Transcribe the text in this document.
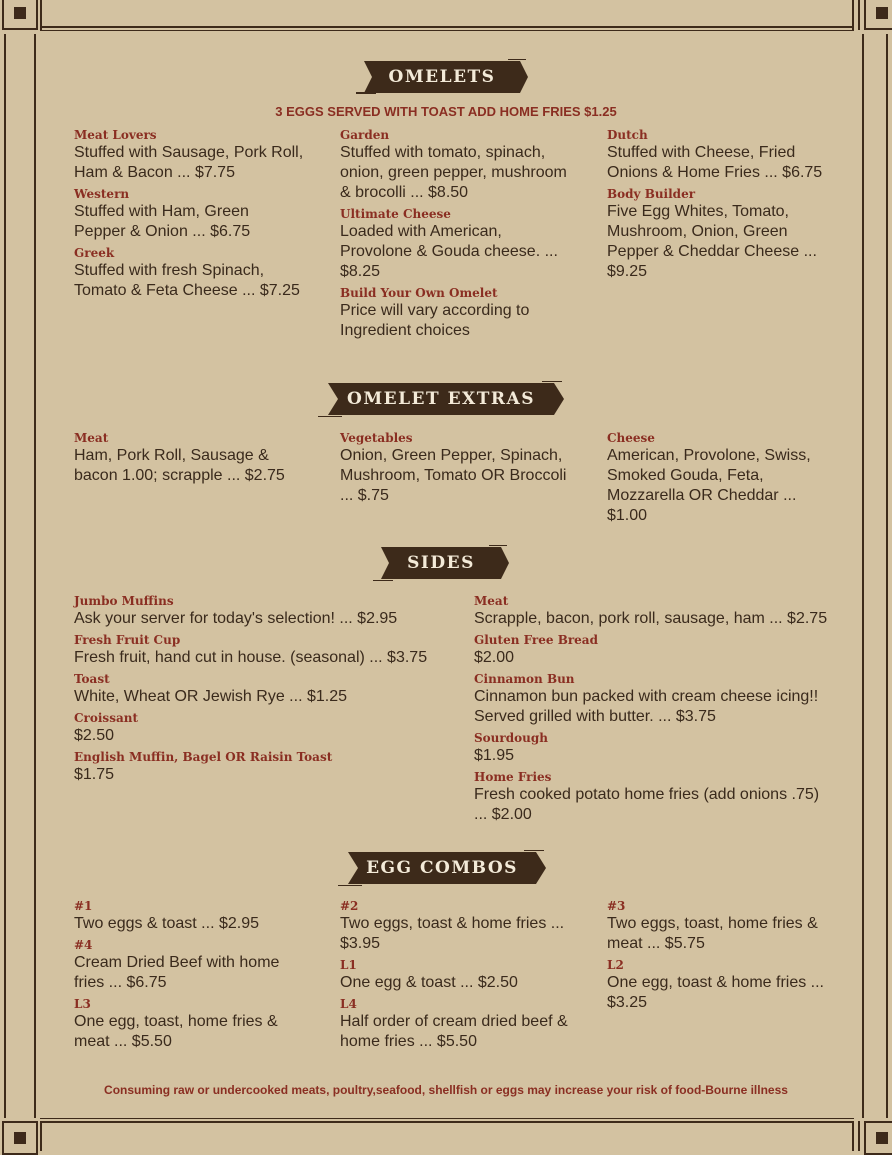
OMELETS
3 EGGS SERVED WITH TOAST ADD HOME FRIES $1.25
Meat Lovers
Stuffed with Sausage, Pork Roll, Ham & Bacon ... $7.75
Western
Stuffed with Ham, Green Pepper & Onion ... $6.75
Greek
Stuffed with fresh Spinach, Tomato & Feta Cheese ... $7.25
Garden
Stuffed with tomato, spinach, onion, green pepper, mushroom & brocolli ... $8.50
Ultimate Cheese
Loaded with American, Provolone & Gouda cheese. ... $8.25
Build Your Own Omelet
Price will vary according to Ingredient choices
Dutch
Stuffed with Cheese, Fried Onions & Home Fries ... $6.75
Body Builder
Five Egg Whites, Tomato, Mushroom, Onion, Green Pepper & Cheddar Cheese ... $9.25
OMELET EXTRAS
Meat
Ham, Pork Roll, Sausage & bacon 1.00; scrapple ... $2.75
Vegetables
Onion, Green Pepper, Spinach, Mushroom, Tomato OR Broccoli ... $.75
Cheese
American, Provolone, Swiss, Smoked Gouda, Feta, Mozzarella OR Cheddar ... $1.00
SIDES
Jumbo Muffins
Ask your server for today's selection! ... $2.95
Fresh Fruit Cup
Fresh fruit, hand cut in house. (seasonal) ... $3.75
Toast
White, Wheat OR Jewish Rye ... $1.25
Croissant
$2.50
English Muffin, Bagel OR Raisin Toast
$1.75
Meat
Scrapple, bacon, pork roll, sausage, ham ... $2.75
Gluten Free Bread
$2.00
Cinnamon Bun
Cinnamon bun packed with cream cheese icing!! Served grilled with butter. ... $3.75
Sourdough
$1.95
Home Fries
Fresh cooked potato home fries (add onions .75) ... $2.00
EGG COMBOS
#1
Two eggs & toast ... $2.95
#4
Cream Dried Beef with home fries ... $6.75
L3
One egg, toast, home fries & meat ... $5.50
#2
Two eggs, toast & home fries ... $3.95
L1
One egg & toast ... $2.50
L4
Half order of cream dried beef & home fries ... $5.50
#3
Two eggs, toast, home fries & meat ... $5.75
L2
One egg, toast & home fries ... $3.25
Consuming raw or undercooked meats, poultry,seafood, shellfish or eggs may increase your risk of food-Bourne illness
